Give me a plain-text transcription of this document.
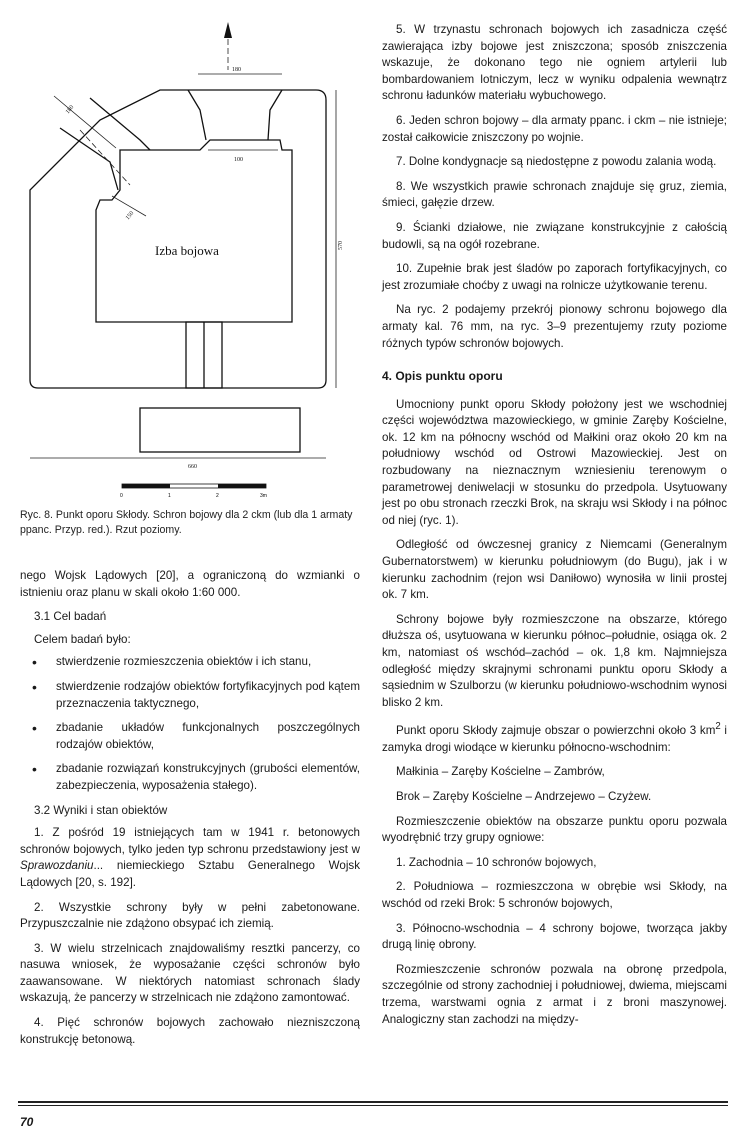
180
180
100
150
570
660
Izba bojowa
0	1	2	3m
Ryc. 8. Punkt oporu Skłody. Schron bojowy dla 2 ckm (lub dla 1 armaty ppanc. Przyp. red.). Rzut poziomy.

nego Wojsk Lądowych [20], a ograniczoną do wzmianki o istnieniu oraz planu w skali około 1:60 000.

3.1 Cel badań
Celem badań było:
• stwierdzenie rozmieszczenia obiektów i ich stanu,
• stwierdzenie rodzajów obiektów fortyfikacyjnych pod kątem przeznaczenia taktycznego,
• zbadanie układów funkcjonalnych poszczególnych rodzajów obiektów,
• zbadanie rozwiązań konstrukcyjnych (grubości elementów, zabezpieczenia, wyposażenia stałego).
3.2 Wyniki i stan obiektów

1. Z pośród 19 istniejących tam w 1941 r. betonowych schronów bojowych, tylko jeden typ schronu przedstawiony jest w Sprawozdaniu... niemieckiego Sztabu Generalnego Wojsk Lądowych [20, s. 192].

2. Wszystkie schrony były w pełni zabetonowane. Przypuszczalnie nie zdążono obsypać ich ziemią.

3. W wielu strzelnicach znajdowaliśmy resztki pancerzy, co nasuwa wniosek, że wyposażanie części schronów było zaawansowane. W niektórych natomiast schronach ślady wskazują, że pancerzy w strzelnicach nie zdążono zamontować.

4. Pięć schronów bojowych zachowało niezniszczoną konstrukcję betonową.

5. W trzynastu schronach bojowych ich zasadnicza część zawierająca izby bojowe jest zniszczona; sposób zniszczenia wskazuje, że dokonano tego nie ogniem artylerii lub bombardowaniem lotniczym, lecz w wyniku odpalenia wewnątrz schronu ładunków materiału wybuchowego.

6. Jeden schron bojowy – dla armaty ppanc. i ckm – nie istnieje; został całkowicie zniszczony po wojnie.

7. Dolne kondygnacje są niedostępne z powodu zalania wodą.

8. We wszystkich prawie schronach znajduje się gruz, ziemia, śmieci, gałęzie drzew.

9. Ścianki działowe, nie związane konstrukcyjnie z całością budowli, są na ogół rozebrane.

10. Zupełnie brak jest śladów po zaporach fortyfikacyjnych, co jest zrozumiałe choćby z uwagi na rolnicze użytkowanie terenu.

Na ryc. 2 podajemy przekrój pionowy schronu bojowego dla armaty kal. 76 mm, na ryc. 3–9 prezentujemy rzuty poziome różnych typów schronów bojowych.

4. Opis punktu oporu

Umocniony punkt oporu Skłody położony jest we wschodniej części województwa mazowieckiego, w gminie Zaręby Kościelne, ok. 12 km na północny wschód od Małkini oraz około 20 km na południowy wschód od Ostrowi Mazowieckiej. Jest on rozbudowany na nieznacznym wzniesieniu terenowym o parametrowej deniwelacji w stosunku do przedpola. Usytuowany jest po obu stronach rzeczki Brok, na skraju wsi Skłody i na północ od niej (ryc. 1).

Odległość od ówczesnej granicy z Niemcami (Generalnym Gubernatorstwem) w kierunku południowym (do Bugu), jak i w kierunku zachodnim (rejon wsi Daniłowo) wynosiła w linii prostej ok. 7 km.

Schrony bojowe były rozmieszczone na obszarze, którego dłuższa oś, usytuowana w kierunku północ–południe, osiąga ok. 2 km, natomiast oś wschód–zachód – ok. 1,8 km. Najmniejsza odległość między skrajnymi schronami punktu oporu Skłody a sąsiednim w Szulborzu (w kierunku południowo-wschodnim wynosi blisko 2 km.

Punkt oporu Skłody zajmuje obszar o powierzchni około 3 $km^2$ i zamyka drogi wiodące w kierunku północno-wschodnim:

Małkinia – Zaręby Kościelne – Zambrów,
Brok – Zaręby Kościelne – Andrzejewo – Czyżew.

Rozmieszczenie obiektów na obszarze punktu oporu pozwala wyodrębnić trzy grupy ogniowe:

1. Zachodnia – 10 schronów bojowych,

2. Południowa – rozmieszczona w obrębie wsi Skłody, na wschód od rzeki Brok: 5 schronów bojowych,

3. Północno-wschodnia – 4 schrony bojowe, tworząca jakby drugą linię obrony.

Rozmieszczenie schronów pozwala na obronę przedpola, szczególnie od strony zachodniej i południowej, dwiema, miejscami trzema, warstwami ognia z armat i z broni maszynowej. Analogiczny stan zachodzi na między-

70
